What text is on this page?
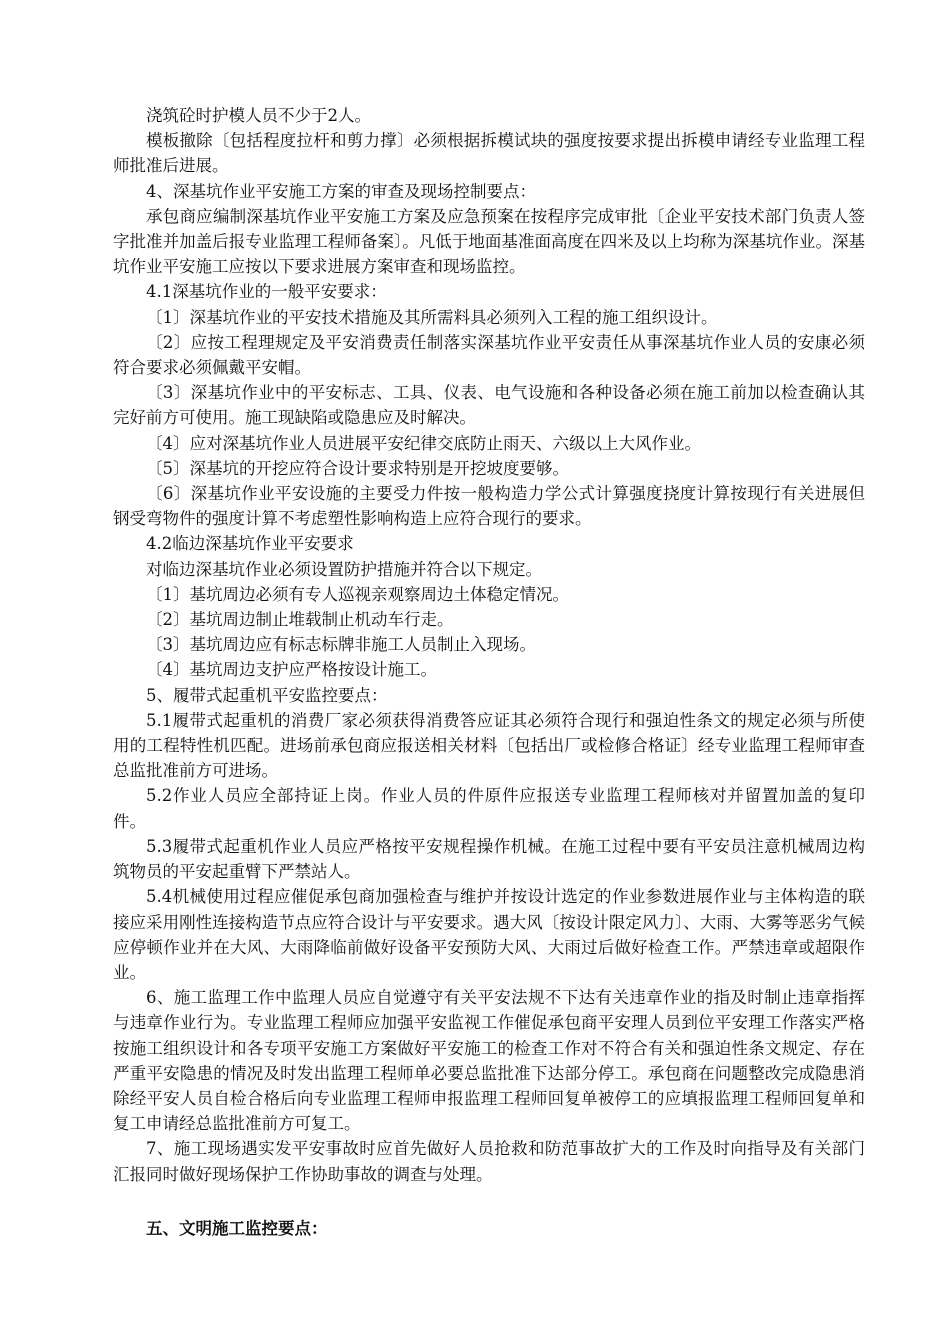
浇筑砼时护模人员不少于2人。

模板撤除〔包括程度拉杆和剪力撑〕必须根据拆模试块的强度按要求提出拆模申请经专业监理工程师批准后进展。

4、深基坑作业平安施工方案的审查及现场控制要点：

承包商应编制深基坑作业平安施工方案及应急预案在按程序完成审批〔企业平安技术部门负责人签字批准并加盖后报专业监理工程师备案〕。凡低于地面基准面高度在四米及以上均称为深基坑作业。深基坑作业平安施工应按以下要求进展方案审查和现场监控。

4.1深基坑作业的一般平安要求：

〔1〕深基坑作业的平安技术措施及其所需料具必须列入工程的施工组织设计。

〔2〕应按工程理规定及平安消费责任制落实深基坑作业平安责任从事深基坑作业人员的安康必须符合要求必须佩戴平安帽。

〔3〕深基坑作业中的平安标志、工具、仪表、电气设施和各种设备必须在施工前加以检查确认其完好前方可使用。施工现缺陷或隐患应及时解决。

〔4〕应对深基坑作业人员进展平安纪律交底防止雨天、六级以上大风作业。

〔5〕深基坑的开挖应符合设计要求特别是开挖坡度要够。

〔6〕深基坑作业平安设施的主要受力件按一般构造力学公式计算强度挠度计算按现行有关进展但钢受弯物件的强度计算不考虑塑性影响构造上应符合现行的要求。

4.2临边深基坑作业平安要求

对临边深基坑作业必须设置防护措施并符合以下规定。

〔1〕基坑周边必须有专人巡视亲观察周边土体稳定情况。

〔2〕基坑周边制止堆载制止机动车行走。

〔3〕基坑周边应有标志标牌非施工人员制止入现场。

〔4〕基坑周边支护应严格按设计施工。

5、履带式起重机平安监控要点：

5.1履带式起重机的消费厂家必须获得消费答应证其必须符合现行和强迫性条文的规定必须与所使用的工程特性机匹配。进场前承包商应报送相关材料〔包括出厂或检修合格证〕经专业监理工程师审查总监批准前方可进场。

5.2作业人员应全部持证上岗。作业人员的件原件应报送专业监理工程师核对并留置加盖的复印件。

5.3履带式起重机作业人员应严格按平安规程操作机械。在施工过程中要有平安员注意机械周边构筑物员的平安起重臂下严禁站人。

5.4机械使用过程应催促承包商加强检查与维护并按设计选定的作业参数进展作业与主体构造的联接应采用刚性连接构造节点应符合设计与平安要求。遇大风〔按设计限定风力〕、大雨、大雾等恶劣气候应停顿作业并在大风、大雨降临前做好设备平安预防大风、大雨过后做好检查工作。严禁违章或超限作业。

6、施工监理工作中监理人员应自觉遵守有关平安法规不下达有关违章作业的指及时制止违章指挥与违章作业行为。专业监理工程师应加强平安监视工作催促承包商平安理人员到位平安理工作落实严格按施工组织设计和各专项平安施工方案做好平安施工的检查工作对不符合有关和强迫性条文规定、存在严重平安隐患的情况及时发出监理工程师单必要总监批准下达部分停工。承包商在问题整改完成隐患消除经平安人员自检合格后向专业监理工程师申报监理工程师回复单被停工的应填报监理工程师回复单和复工申请经总监批准前方可复工。

7、施工现场遇实发平安事故时应首先做好人员抢救和防范事故扩大的工作及时向指导及有关部门汇报同时做好现场保护工作协助事故的调查与处理。

五、文明施工监控要点：
